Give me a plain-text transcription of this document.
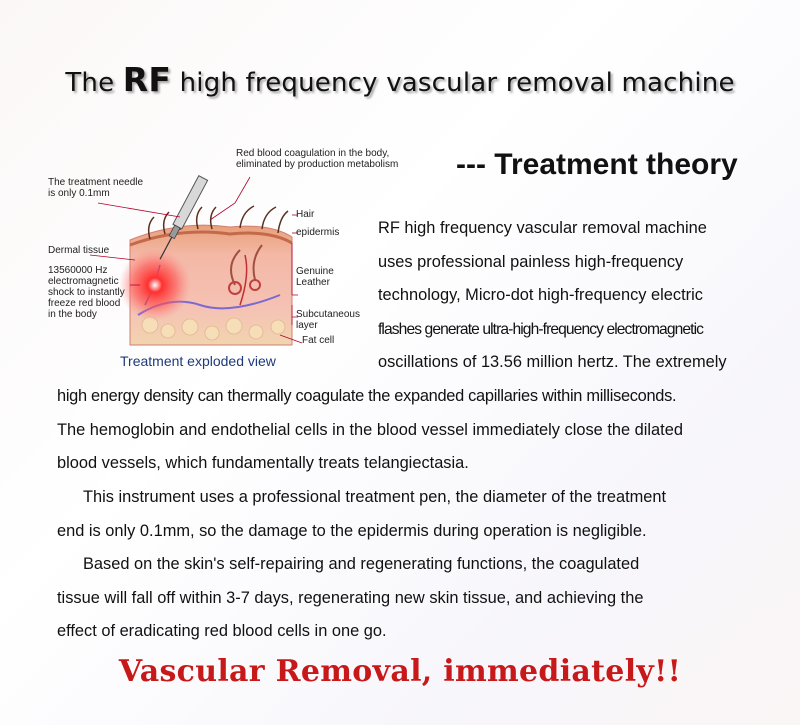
The RF high frequency vascular removal machine
--- Treatment theory
The treatment needle
is only 0.1mm
Red blood coagulation in the body,
eliminated by production metabolism
Dermal tissue
13560000 Hz
electromagnetic
shock to instantly
freeze red blood
in the body
Hair
epidermis
Genuine
Leather
Subcutaneous
layer
Fat cell
Treatment exploded view
RF high frequency vascular removal machine
uses professional painless high-frequency
technology, Micro-dot high-frequency electric
flashes generate ultra-high-frequency electromagnetic
oscillations of 13.56 million hertz. The extremely
high energy density can thermally coagulate the expanded capillaries within milliseconds.
The hemoglobin and endothelial cells in the blood vessel immediately close the dilated
blood vessels, which fundamentally treats telangiectasia.
This instrument uses a professional treatment pen, the diameter of the treatment
end is only 0.1mm, so the damage to the epidermis during operation is negligible.
Based on the skin's self-repairing and regenerating functions, the coagulated
tissue will fall off within 3-7 days, regenerating new skin tissue, and achieving the
effect of eradicating red blood cells in one go.
Vascular Removal, immediately!!
